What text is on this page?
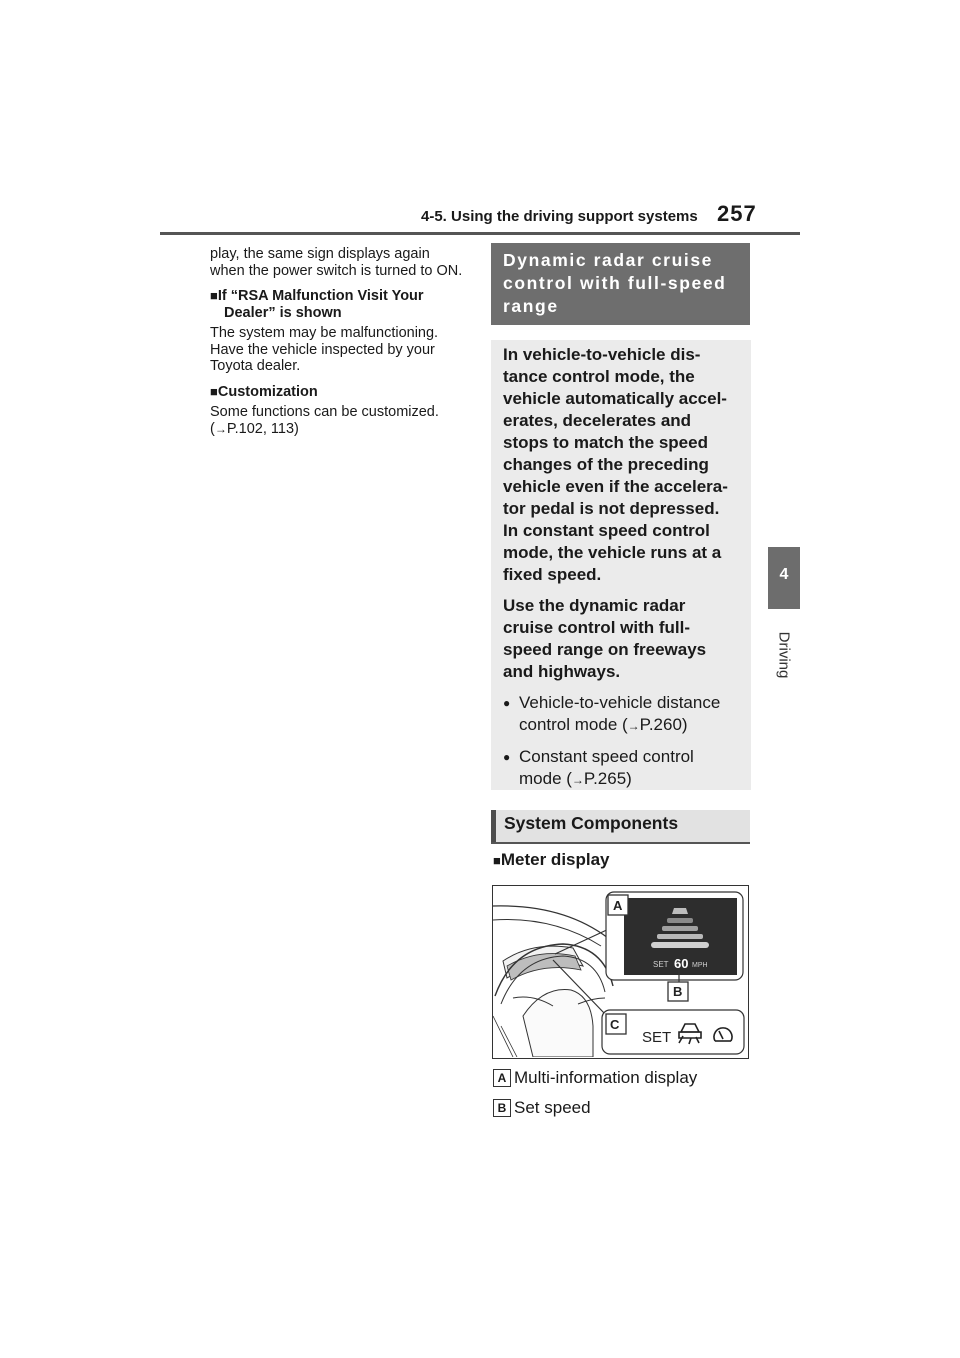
4-5. Using the driving support systems 257
4
Driving

play, the same sign displays again when the power switch is turned to ON.

■If “RSA Malfunction Visit Your Dealer” is shown

The system may be malfunctioning. Have the vehicle inspected by your Toyota dealer.

■Customization

Some functions can be customized.
(→P.102, 113)

Dynamic radar cruise control with full-speed range

In vehicle-to-vehicle dis-tance control mode, the vehicle automatically accel-erates, decelerates and stops to match the speed changes of the preceding vehicle even if the accelera-tor pedal is not depressed. In constant speed control mode, the vehicle runs at a fixed speed.

Use the dynamic radar cruise control with full-speed range on freeways and highways.

● Vehicle-to-vehicle distance control mode (→P.260)
● Constant speed control mode (→P.265)
System Components
■Meter display
SET 60 MPH
A
B
C
SET
A Multi-information display
B Set speed
